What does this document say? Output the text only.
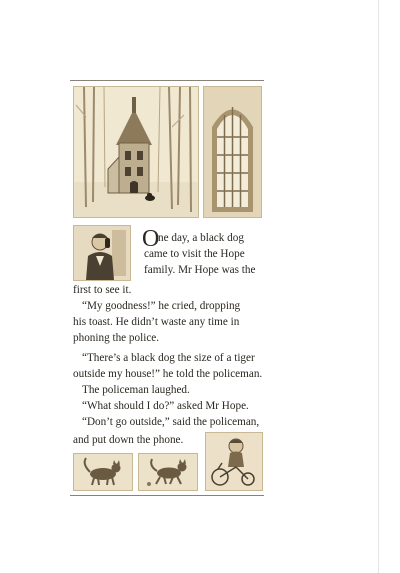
O
ne day, a black dog
came to visit the Hope
family. Mr Hope was the
first to see it.
“My goodness!” he cried, dropping
his toast. He didn’t waste any time in
phoning the police.
“There’s a black dog the size of a tiger
outside my house!” he told the policeman.
The policeman laughed.
“What should I do?” asked Mr Hope.
“Don’t go outside,” said the policeman,
and put down the phone.
